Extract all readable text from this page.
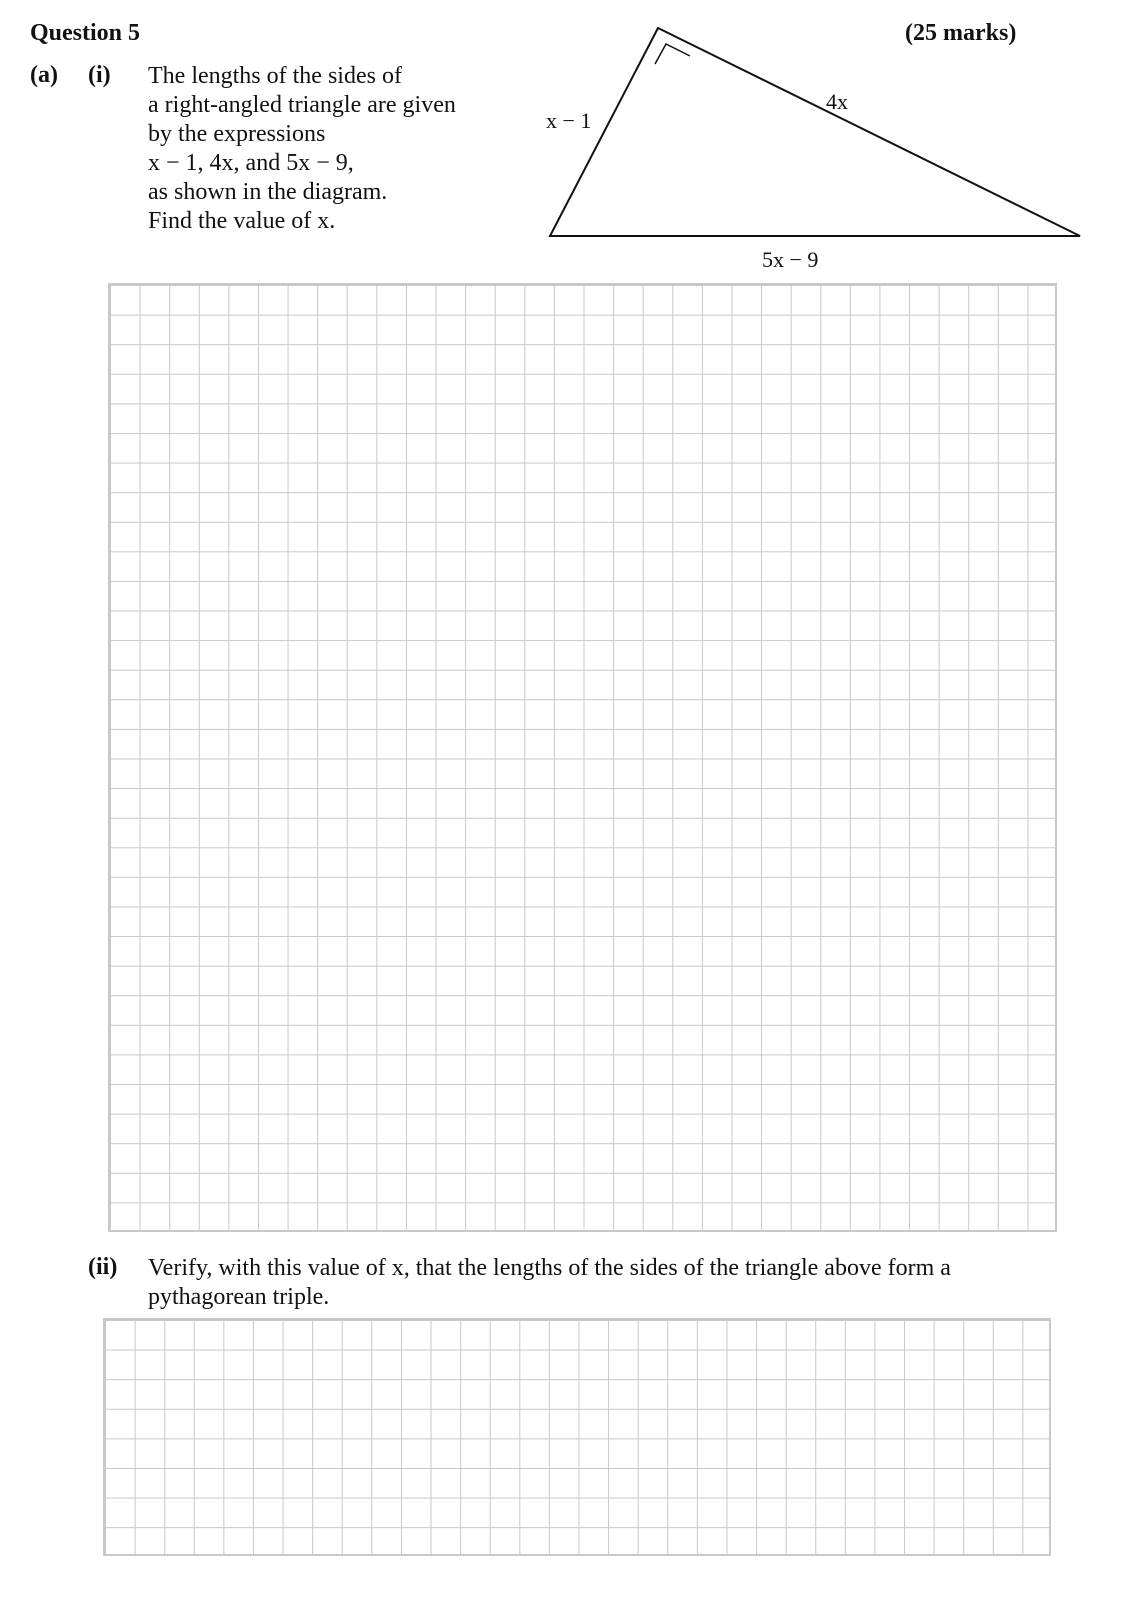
Question 5	(25 marks)
(a) (i) The lengths of the sides of
a right-angled triangle are given
by the expressions
x − 1, 4x, and 5x − 9,
as shown in the diagram.
Find the value of x.
x − 1
4x
5x − 9
(ii) Verify, with this value of x, that the lengths of the sides of the triangle above form a pythagorean triple.
